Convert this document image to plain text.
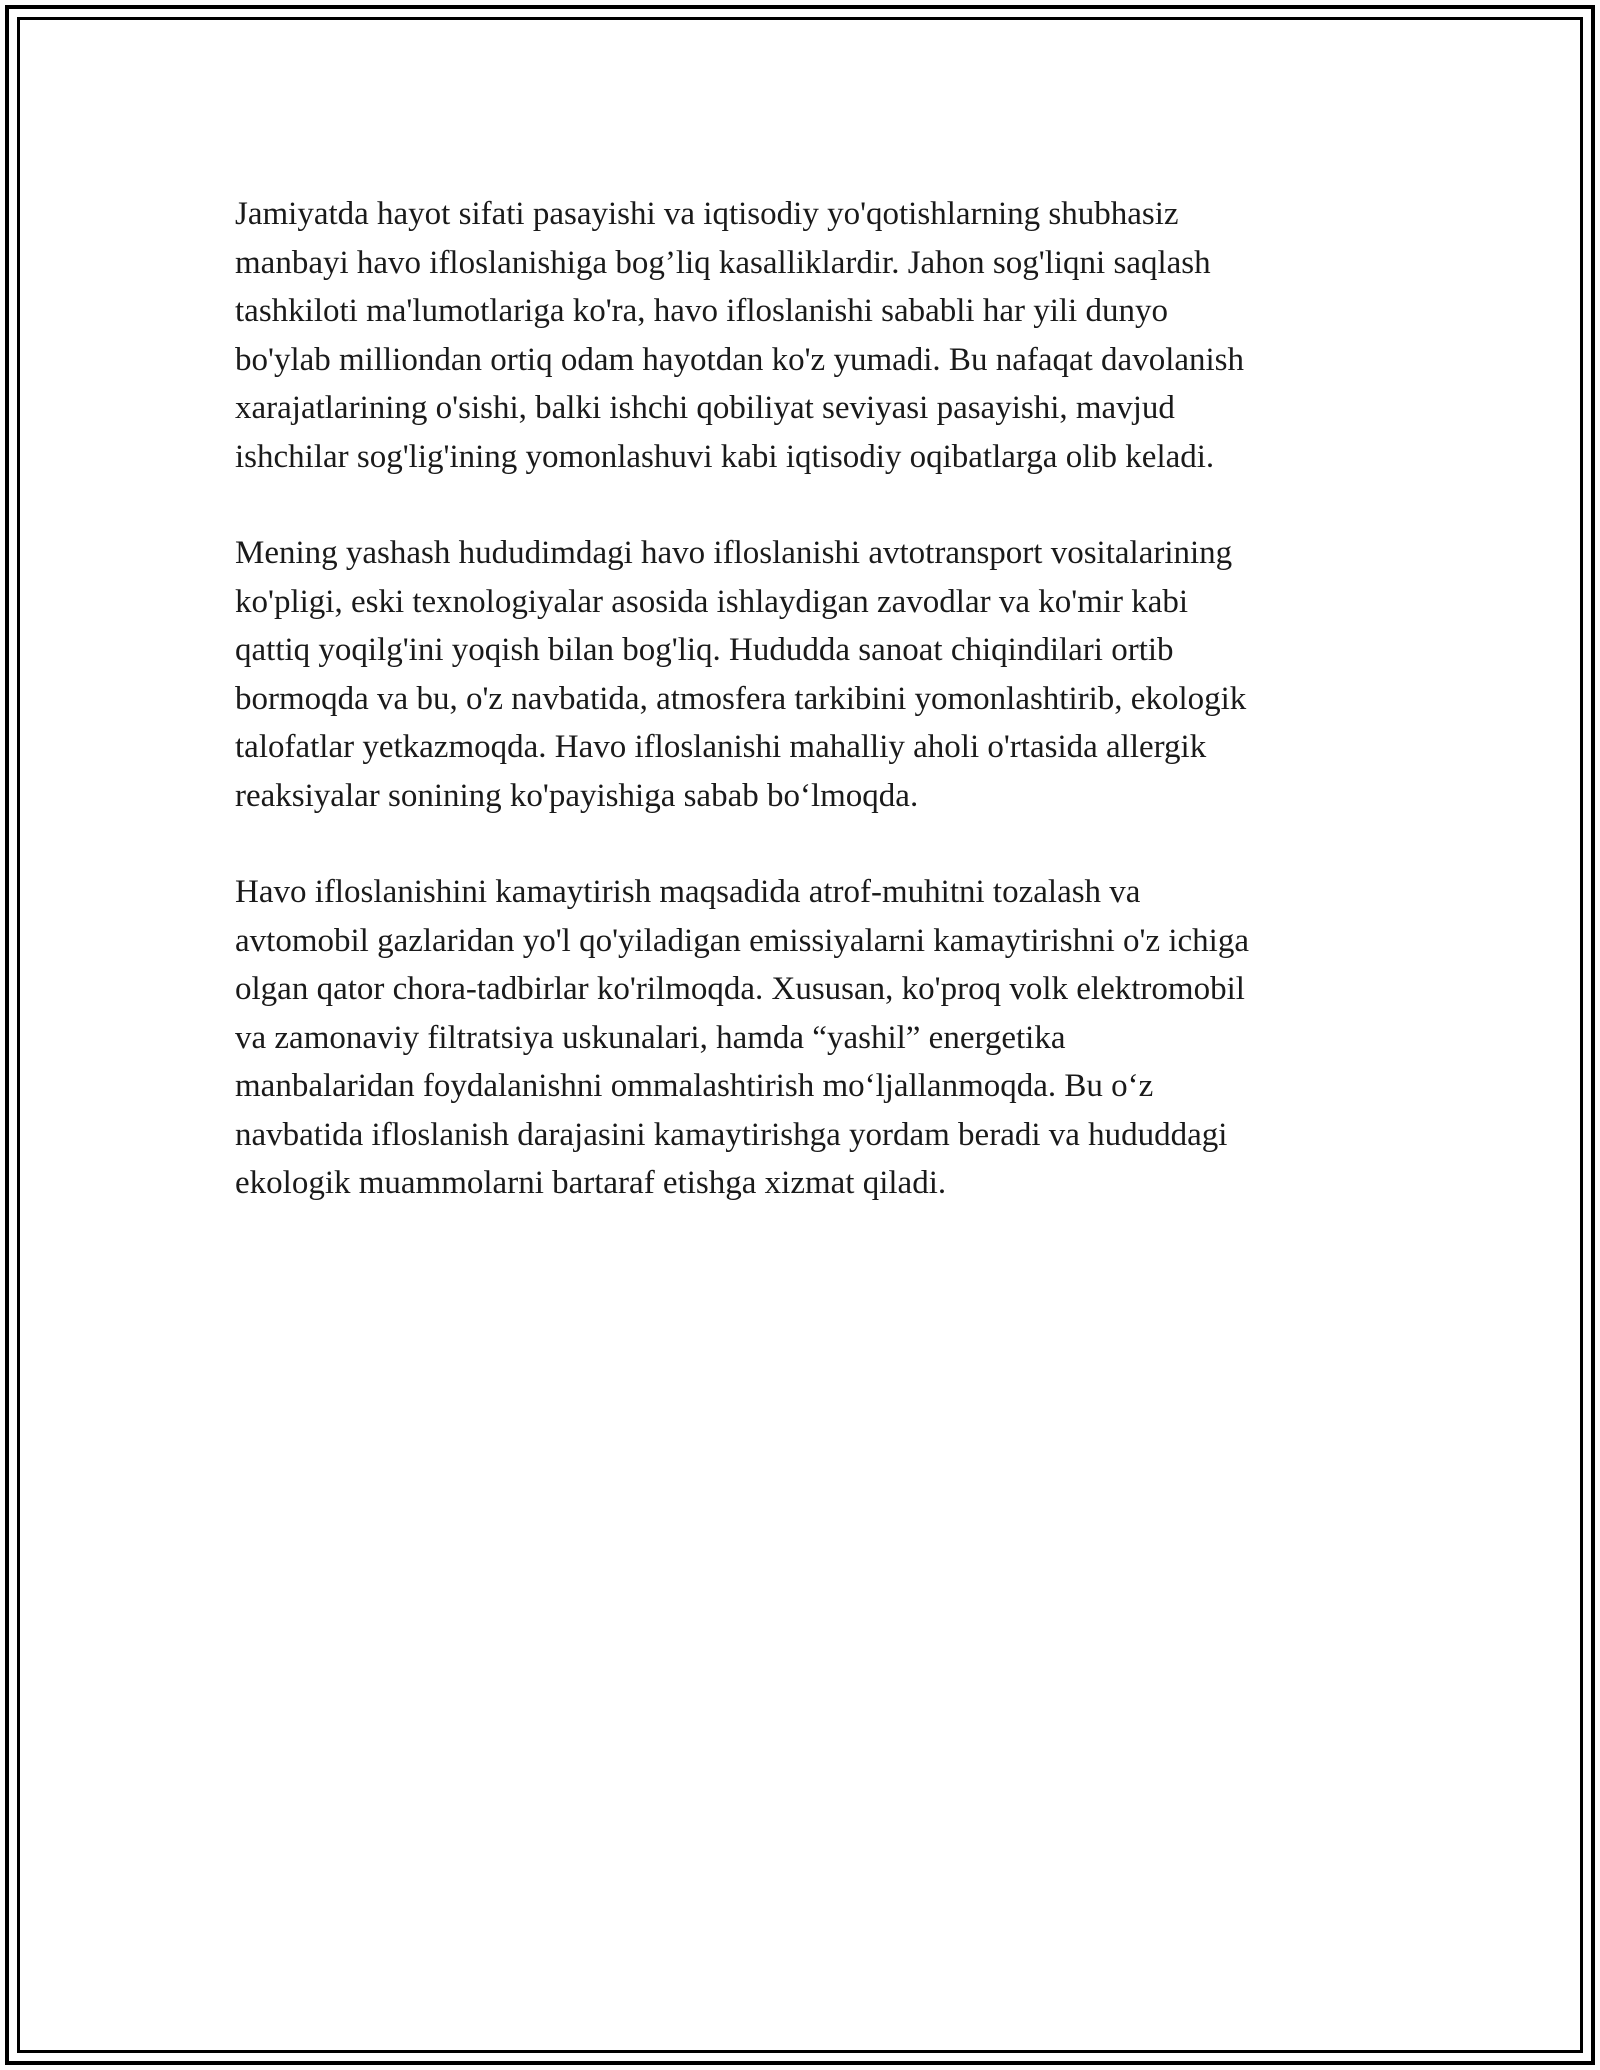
Jamiyatda hayot sifati pasayishi va iqtisodiy yo'qotishlarning shubhasiz
manbayi havo ifloslanishiga bog’liq kasalliklardir. Jahon sog'liqni saqlash
tashkiloti ma'lumotlariga ko'ra, havo ifloslanishi sababli har yili dunyo
bo'ylab milliondan ortiq odam hayotdan ko'z yumadi. Bu nafaqat davolanish
xarajatlarining o'sishi, balki ishchi qobiliyat seviyasi pasayishi, mavjud
ishchilar sog'lig'ining yomonlashuvi kabi iqtisodiy oqibatlarga olib keladi.

Mening yashash hududimdagi havo ifloslanishi avtotransport vositalarining
ko'pligi, eski texnologiyalar asosida ishlaydigan zavodlar va ko'mir kabi
qattiq yoqilg'ini yoqish bilan bog'liq. Hududda sanoat chiqindilari ortib
bormoqda va bu, o'z navbatida, atmosfera tarkibini yomonlashtirib, ekologik
talofatlar yetkazmoqda. Havo ifloslanishi mahalliy aholi o'rtasida allergik
reaksiyalar sonining ko'payishiga sabab bo‘lmoqda.

Havo ifloslanishini kamaytirish maqsadida atrof-muhitni tozalash va
avtomobil gazlaridan yo'l qo'yiladigan emissiyalarni kamaytirishni o'z ichiga
olgan qator chora-tadbirlar ko'rilmoqda. Xususan, ko'proq volk elektromobil
va zamonaviy filtratsiya uskunalari, hamda “yashil” energetika
manbalaridan foydalanishni ommalashtirish mo‘ljallanmoqda. Bu o‘z
navbatida ifloslanish darajasini kamaytirishga yordam beradi va hududdagi
ekologik muammolarni bartaraf etishga xizmat qiladi.
